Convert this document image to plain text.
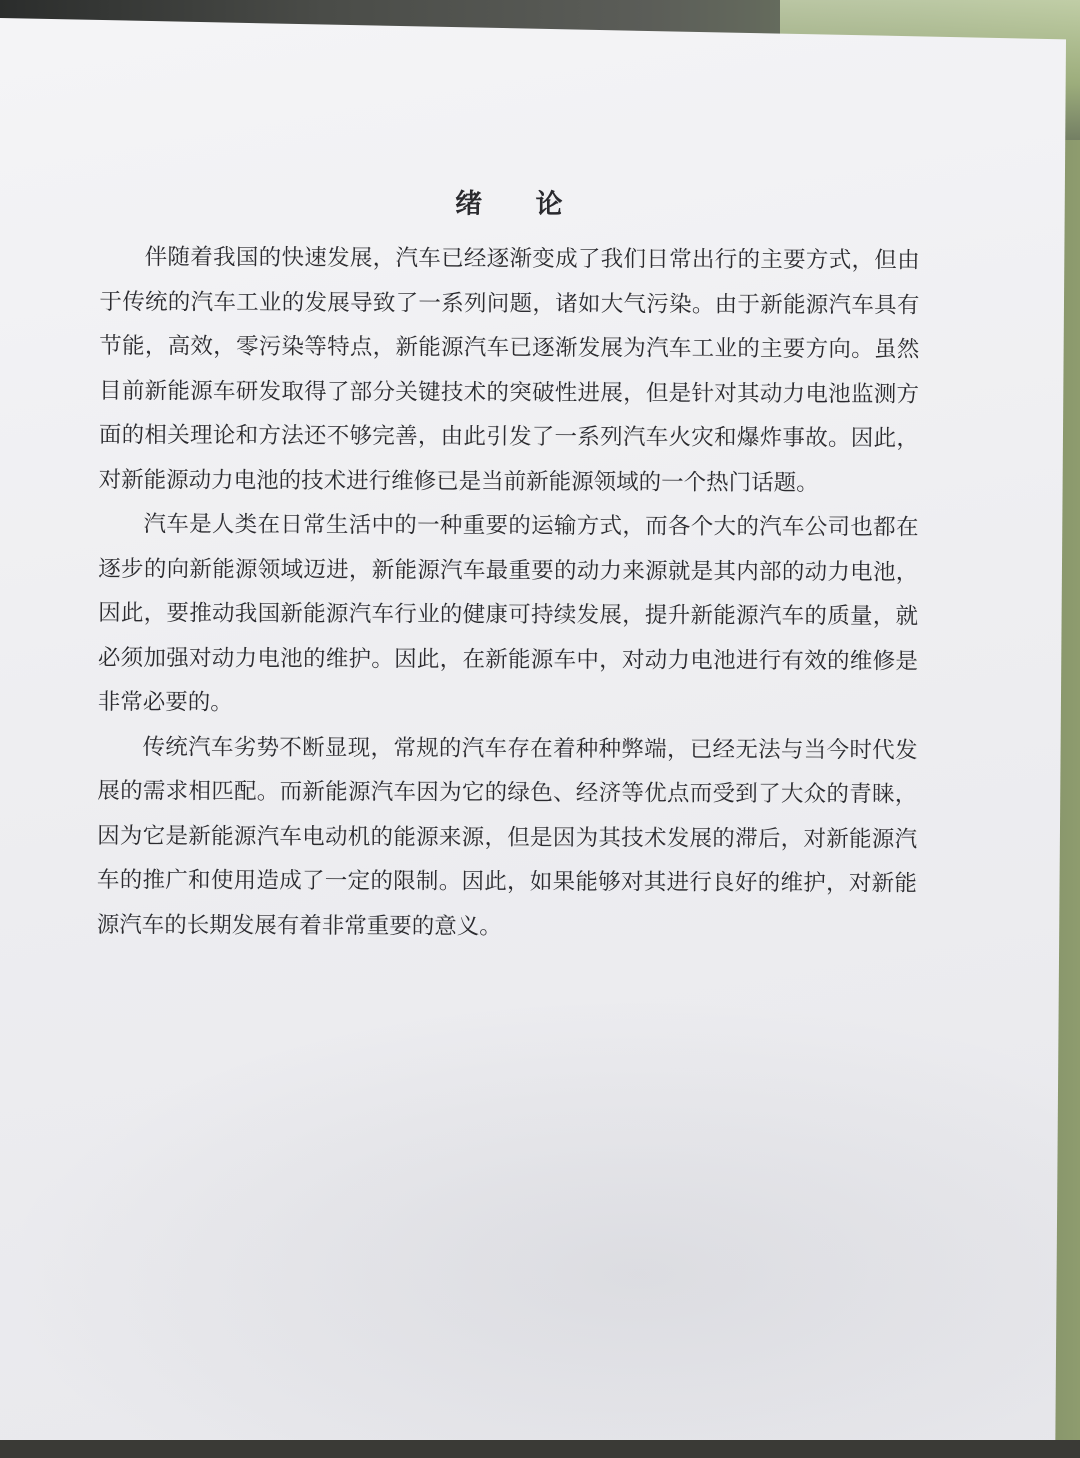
绪 论

伴随着我国的快速发展，汽车已经逐渐变成了我们日常出行的主要方式，但由于传统的汽车工业的发展导致了一系列问题，诸如大气污染。由于新能源汽车具有节能，高效，零污染等特点，新能源汽车已逐渐发展为汽车工业的主要方向。虽然目前新能源车研发取得了部分关键技术的突破性进展，但是针对其动力电池监测方面的相关理论和方法还不够完善，由此引发了一系列汽车火灾和爆炸事故。因此，对新能源动力电池的技术进行维修已是当前新能源领域的一个热门话题。

汽车是人类在日常生活中的一种重要的运输方式，而各个大的汽车公司也都在逐步的向新能源领域迈进，新能源汽车最重要的动力来源就是其内部的动力电池，因此，要推动我国新能源汽车行业的健康可持续发展，提升新能源汽车的质量，就必须加强对动力电池的维护。因此，在新能源车中，对动力电池进行有效的维修是非常必要的。

传统汽车劣势不断显现，常规的汽车存在着种种弊端，已经无法与当今时代发展的需求相匹配。而新能源汽车因为它的绿色、经济等优点而受到了大众的青睐，因为它是新能源汽车电动机的能源来源，但是因为其技术发展的滞后，对新能源汽车的推广和使用造成了一定的限制。因此，如果能够对其进行良好的维护，对新能源汽车的长期发展有着非常重要的意义。
